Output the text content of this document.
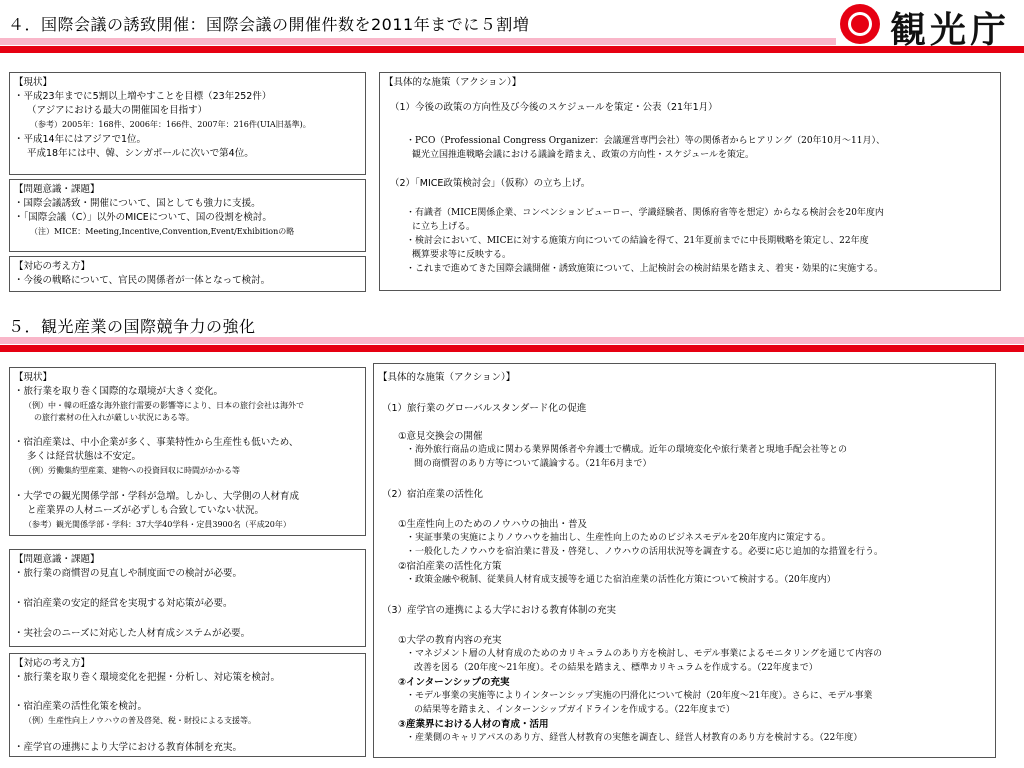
４．国際会議の誘致開催：国際会議の開催件数を2011年までに５割増	観光庁
【現状】
・平成23年までに5割以上増やすことを目標（23年252件）
（アジアにおける最大の開催国を目指す）
（参考）2005年：168件、2006年：166件、2007年：216件(UIA旧基準)。
・平成14年にはアジアで1位。
平成18年には中、韓、シンガポールに次いで第4位。
【問題意識・課題】
・国際会議誘致・開催について、国としても強力に支援。
・「国際会議（C）」以外のMICEについて、国の役割を検討。
（注）MICE：Meeting,Incentive,Convention,Event/Exhibitionの略
【対応の考え方】
・今後の戦略について、官民の関係者が一体となって検討。
【具体的な施策（アクション）】
（1）今後の政策の方向性及び今後のスケジュールを策定・公表（21年1月）
・PCO（Professional Congress Organizer：会議運営専門会社）等の関係者からヒアリング（20年10月～11月）、
観光立国推進戦略会議における議論を踏まえ、政策の方向性・スケジュールを策定。
（2）「MICE政策検討会」（仮称）の立ち上げ。
・有識者（MICE関係企業、コンベンションビューロー、学識経験者、関係府省等を想定）からなる検討会を20年度内
に立ち上げる。
・検討会において、MICEに対する施策方向についての結論を得て、21年夏前までに中長期戦略を策定し、22年度
概算要求等に反映する。
・これまで進めてきた国際会議開催・誘致施策について、上記検討会の検討結果を踏まえ、着実・効果的に実施する。
５．観光産業の国際競争力の強化
【現状】
・旅行業を取り巻く国際的な環境が大きく変化。
（例）中・韓の旺盛な海外旅行需要の影響等により、日本の旅行会社は海外で
の旅行素材の仕入れが厳しい状況にある等。
・宿泊産業は、中小企業が多く、事業特性から生産性も低いため、
多くは経営状態は不安定。
（例）労働集約型産業、建物への投資回収に時間がかかる等
・大学での観光関係学部・学科が急増。しかし、大学側の人材育成
と産業界の人材ニーズが必ずしも合致していない状況。
（参考）観光関係学部・学科：37大学40学科・定員3900名（平成20年）
【問題意識・課題】
・旅行業の商慣習の見直しや制度面での検討が必要。
・宿泊産業の安定的経営を実現する対応策が必要。
・実社会のニーズに対応した人材育成システムが必要。
【対応の考え方】
・旅行業を取り巻く環境変化を把握・分析し、対応策を検討。
・宿泊産業の活性化策を検討。
（例）生産性向上ノウハウの普及啓発、税・財投による支援等。
・産学官の連携により大学における教育体制を充実。
【具体的な施策（アクション）】
（1）旅行業のグローバルスタンダード化の促進
①意見交換会の開催
・海外旅行商品の造成に関わる業界関係者や弁護士で構成。近年の環境変化や旅行業者と現地手配会社等との
間の商慣習のあり方等について議論する。（21年6月まで）
（2）宿泊産業の活性化
①生産性向上のためのノウハウの抽出・普及
・実証事業の実施によりノウハウを抽出し、生産性向上のためのビジネスモデルを20年度内に策定する。
・一般化したノウハウを宿泊業に普及・啓発し、ノウハウの活用状況等を調査する。必要に応じ追加的な措置を行う。
②宿泊産業の活性化方策
・政策金融や税制、従業員人材育成支援等を通じた宿泊産業の活性化方策について検討する。（20年度内）
（3）産学官の連携による大学における教育体制の充実
①大学の教育内容の充実
・マネジメント層の人材育成のためのカリキュラムのあり方を検討し、モデル事業によるモニタリングを通じて内容の
改善を図る（20年度～21年度）。その結果を踏まえ、標準カリキュラムを作成する。（22年度まで）
②インターンシップの充実
・モデル事業の実施等によりインターンシップ実施の円滑化について検討（20年度～21年度）。さらに、モデル事業
の結果等を踏まえ、インターンシップガイドラインを作成する。（22年度まで）
③産業界における人材の育成・活用
・産業側のキャリアパスのあり方、経営人材教育の実態を調査し、経営人材教育のあり方を検討する。（22年度）
